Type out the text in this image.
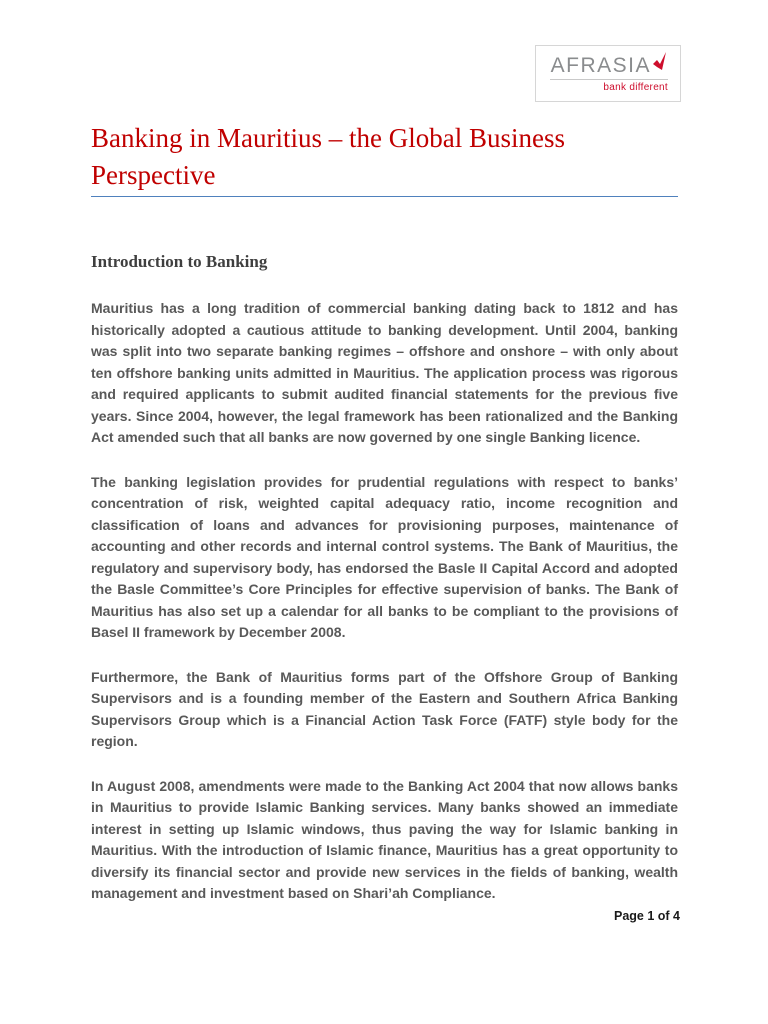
AFRASIA
bank different
Banking in Mauritius – the Global Business Perspective
Introduction to Banking

Mauritius has a long tradition of commercial banking dating back to 1812 and has historically adopted a cautious attitude to banking development. Until 2004, banking was split into two separate banking regimes – offshore and onshore – with only about ten offshore banking units admitted in Mauritius. The application process was rigorous and required applicants to submit audited financial statements for the previous five years. Since 2004, however, the legal framework has been rationalized and the Banking Act amended such that all banks are now governed by one single Banking licence.

The banking legislation provides for prudential regulations with respect to banks’ concentration of risk, weighted capital adequacy ratio, income recognition and classification of loans and advances for provisioning purposes, maintenance of accounting and other records and internal control systems. The Bank of Mauritius, the regulatory and supervisory body, has endorsed the Basle II Capital Accord and adopted the Basle Committee’s Core Principles for effective supervision of banks. The Bank of Mauritius has also set up a calendar for all banks to be compliant to the provisions of Basel II framework by December 2008.

Furthermore, the Bank of Mauritius forms part of the Offshore Group of Banking Supervisors and is a founding member of the Eastern and Southern Africa Banking Supervisors Group which is a Financial Action Task Force (FATF) style body for the region.

In August 2008, amendments were made to the Banking Act 2004 that now allows banks in Mauritius to provide Islamic Banking services. Many banks showed an immediate interest in setting up Islamic windows, thus paving the way for Islamic banking in Mauritius. With the introduction of Islamic finance, Mauritius has a great opportunity to diversify its financial sector and provide new services in the fields of banking, wealth management and investment based on Shari’ah Compliance.

Page 1 of 4
